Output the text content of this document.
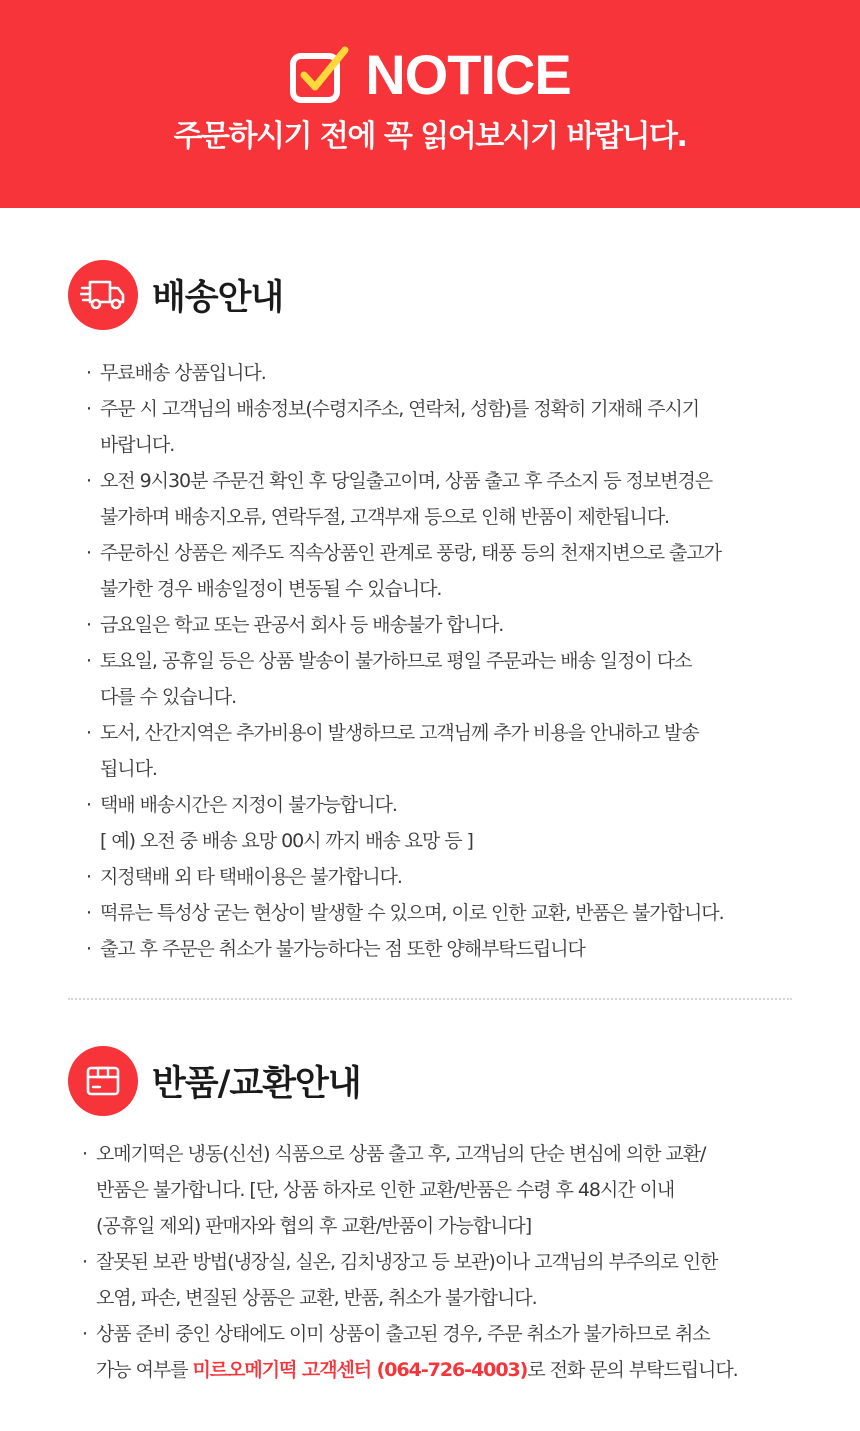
NOTICE
주문하시기 전에 꼭 읽어보시기 바랍니다.
배송안내
· 무료배송 상품입니다.
· 주문 시 고객님의 배송정보(수령지주소, 연락처, 성함)를 정확히 기재해 주시기
바랍니다.
· 오전 9시30분 주문건 확인 후 당일출고이며, 상품 출고 후 주소지 등 정보변경은
불가하며 배송지오류, 연락두절, 고객부재 등으로 인해 반품이 제한됩니다.
· 주문하신 상품은 제주도 직속상품인 관계로 풍랑, 태풍 등의 천재지변으로 출고가
불가한 경우 배송일정이 변동될 수 있습니다.
· 금요일은 학교 또는 관공서 회사 등 배송불가 합니다.
· 토요일, 공휴일 등은 상품 발송이 불가하므로 평일 주문과는 배송 일정이 다소
다를 수 있습니다.
· 도서, 산간지역은 추가비용이 발생하므로 고객님께 추가 비용을 안내하고 발송
됩니다.
· 택배 배송시간은 지정이 불가능합니다.
[ 예) 오전 중 배송 요망 00시 까지 배송 요망 등 ]
· 지정택배 외 타 택배이용은 불가합니다.
· 떡류는 특성상 굳는 현상이 발생할 수 있으며, 이로 인한 교환, 반품은 불가합니다.
· 출고 후 주문은 취소가 불가능하다는 점 또한 양해부탁드립니다
반품/교환안내
· 오메기떡은 냉동(신선) 식품으로 상품 출고 후, 고객님의 단순 변심에 의한 교환/
반품은 불가합니다. [단, 상품 하자로 인한 교환/반품은 수령 후 48시간 이내
(공휴일 제외) 판매자와 협의 후 교환/반품이 가능합니다]
· 잘못된 보관 방법(냉장실, 실온, 김치냉장고 등 보관)이나 고객님의 부주의로 인한
오염, 파손, 변질된 상품은 교환, 반품, 취소가 불가합니다.
· 상품 준비 중인 상태에도 이미 상품이 출고된 경우, 주문 취소가 불가하므로 취소
가능 여부를 미르오메기떡 고객센터 (064-726-4003)로 전화 문의 부탁드립니다.
